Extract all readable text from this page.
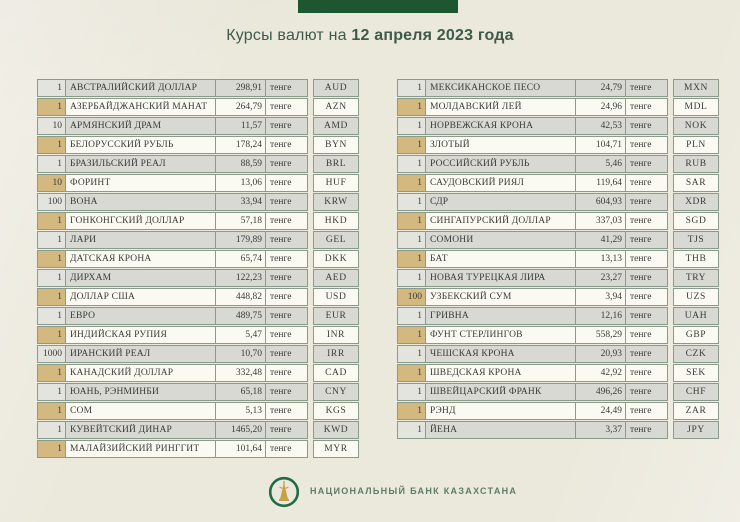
Курсы валют на 12 апреля 2023 года
1 АВСТРАЛИЙСКИЙ ДОЛЛАР	298,91 тенге	AUD
1 АЗЕРБАЙДЖАНСКИЙ МАНАТ	264,79 тенге	AZN
10 АРМЯНСКИЙ ДРАМ	11,57 тенге	AMD
1 БЕЛОРУССКИЙ РУБЛЬ	178,24 тенге	BYN
1 БРАЗИЛЬСКИЙ РЕАЛ	88,59 тенге	BRL
10 ФОРИНТ	13,06 тенге	HUF
100 ВОНА	33,94 тенге	KRW
1 ГОНКОНГСКИЙ ДОЛЛАР	57,18 тенге	HKD
1 ЛАРИ	179,89 тенге	GEL
1 ДАТСКАЯ КРОНА	65,74 тенге	DKK
1 ДИРХАМ	122,23 тенге	AED
1 ДОЛЛАР США	448,82 тенге	USD
1 ЕВРО	489,75 тенге	EUR
1 ИНДИЙСКАЯ РУПИЯ	5,47 тенге	INR
1000 ИРАНСКИЙ РЕАЛ	10,70 тенге	IRR
1 КАНАДСКИЙ ДОЛЛАР	332,48 тенге	CAD
1 ЮАНЬ, РЭНМИНБИ	65,18 тенге	CNY
1 СОМ	5,13 тенге	KGS
1 КУВЕЙТСКИЙ ДИНАР	1465,20 тенге	KWD
1 МАЛАЙЗИЙСКИЙ РИНГГИТ	101,64 тенге	MYR
1 МЕКСИКАНСКОЕ ПЕСО	24,79 тенге	MXN
1 МОЛДАВСКИЙ ЛЕЙ	24,96 тенге	MDL
1 НОРВЕЖСКАЯ КРОНА	42,53 тенге	NOK
1 ЗЛОТЫЙ	104,71 тенге	PLN
1 РОССИЙСКИЙ РУБЛЬ	5,46 тенге	RUB
1 САУДОВСКИЙ РИЯЛ	119,64 тенге	SAR
1 СДР	604,93 тенге	XDR
1 СИНГАПУРСКИЙ ДОЛЛАР	337,03 тенге	SGD
1 СОМОНИ	41,29 тенге	TJS
1 БАТ	13,13 тенге	THB
1 НОВАЯ ТУРЕЦКАЯ ЛИРА	23,27 тенге	TRY
100 УЗБЕКСКИЙ СУМ	3,94 тенге	UZS
1 ГРИВНА	12,16 тенге	UAH
1 ФУНТ СТЕРЛИНГОВ	558,29 тенге	GBP
1 ЧЕШСКАЯ КРОНА	20,93 тенге	CZK
1 ШВЕДСКАЯ КРОНА	42,92 тенге	SEK
1 ШВЕЙЦАРСКИЙ ФРАНК	496,26 тенге	CHF
1 РЭНД	24,49 тенге	ZAR
1 ЙЕНА	3,37 тенге	JPY
НАЦИОНАЛЬНЫЙ БАНК КАЗАХСТАНА
